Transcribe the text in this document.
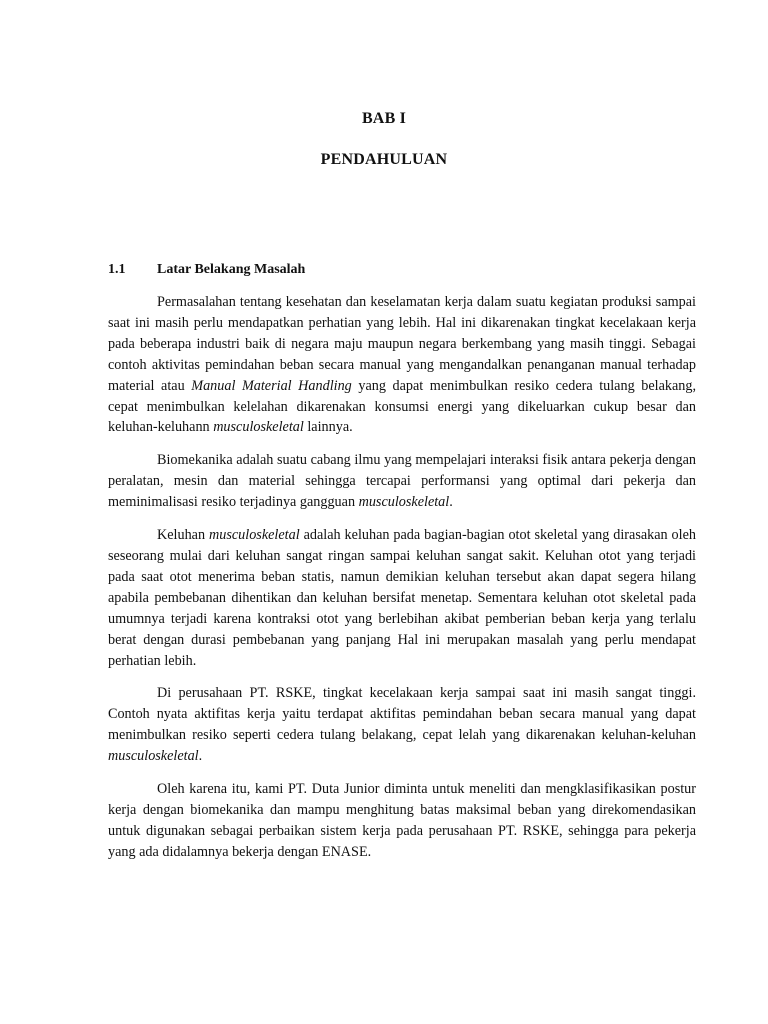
BAB I
PENDAHULUAN
1.1 Latar Belakang Masalah

Permasalahan tentang kesehatan dan keselamatan kerja dalam suatu kegiatan produksi sampai saat ini masih perlu mendapatkan perhatian yang lebih. Hal ini dikarenakan tingkat kecelakaan kerja pada beberapa industri baik di negara maju maupun negara berkembang yang masih tinggi. Sebagai contoh aktivitas pemindahan beban secara manual yang mengandalkan penanganan manual terhadap material atau Manual Material Handling yang dapat menimbulkan resiko cedera tulang belakang, cepat menimbulkan kelelahan dikarenakan konsumsi energi yang dikeluarkan cukup besar dan keluhan-keluhann musculoskeletal lainnya.

Biomekanika adalah suatu cabang ilmu yang mempelajari interaksi fisik antara pekerja dengan peralatan, mesin dan material sehingga tercapai performansi yang optimal dari pekerja dan meminimalisasi resiko terjadinya gangguan musculoskeletal.

Keluhan musculoskeletal adalah keluhan pada bagian-bagian otot skeletal yang dirasakan oleh seseorang mulai dari keluhan sangat ringan sampai keluhan sangat sakit. Keluhan otot yang terjadi pada saat otot menerima beban statis, namun demikian keluhan tersebut akan dapat segera hilang apabila pembebanan dihentikan dan keluhan bersifat menetap. Sementara keluhan otot skeletal pada umumnya terjadi karena kontraksi otot yang berlebihan akibat pemberian beban kerja yang terlalu berat dengan durasi pembebanan yang panjang Hal ini merupakan masalah yang perlu mendapat perhatian lebih.

Di perusahaan PT. RSKE, tingkat kecelakaan kerja sampai saat ini masih sangat tinggi. Contoh nyata aktifitas kerja yaitu terdapat aktifitas pemindahan beban secara manual yang dapat menimbulkan resiko seperti cedera tulang belakang, cepat lelah yang dikarenakan keluhan-keluhan musculoskeletal.

Oleh karena itu, kami PT. Duta Junior diminta untuk meneliti dan mengklasifikasikan postur kerja dengan biomekanika dan mampu menghitung batas maksimal beban yang direkomendasikan untuk digunakan sebagai perbaikan sistem kerja pada perusahaan PT. RSKE, sehingga para pekerja yang ada didalamnya bekerja dengan ENASE.
